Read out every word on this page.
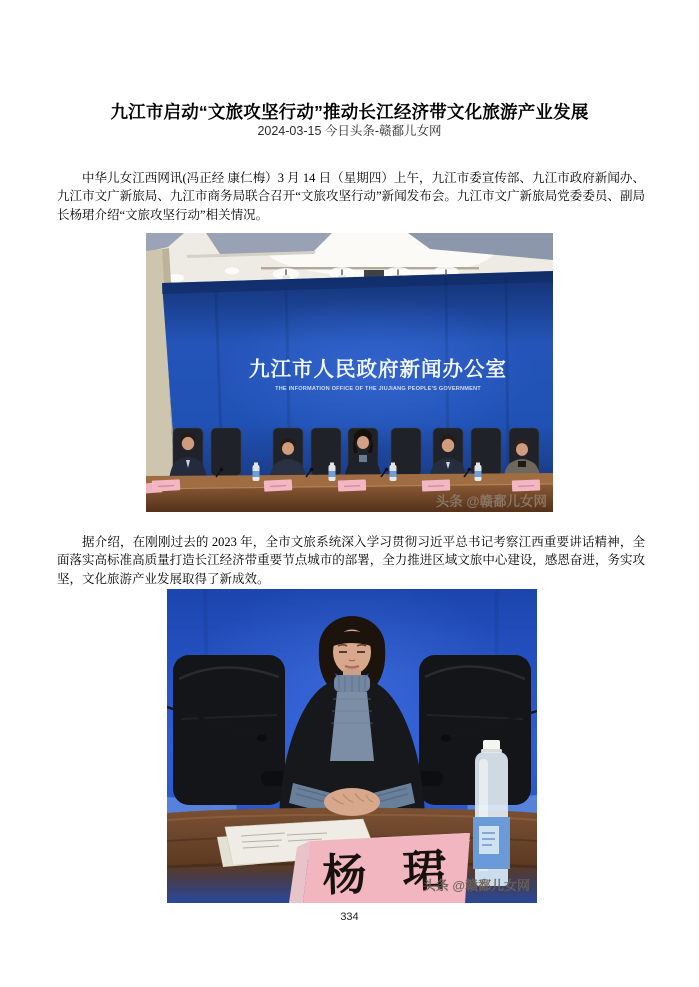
九江市启动“文旅攻坚行动”推动长江经济带文化旅游产业发展
2024-03-15 今日头条-赣鄱儿女网

中华儿女江西网讯(冯正经 康仁梅）3 月 14 日（星期四）上午，九江市委宣传部、九江市政府新闻办、九江市文广新旅局、九江市商务局联合召开“文旅攻坚行动”新闻发布会。九江市文广新旅局党委委员、副局长杨珺介绍“文旅攻坚行动”相关情况。

九江市人民政府新闻办公室
THE INFORMATION OFFICE OF THE JIUJIANG PEOPLE'S GOVERNMENT
头条 @赣鄱儿女网

据介绍，在刚刚过去的 2023 年，全市文旅系统深入学习贯彻习近平总书记考察江西重要讲话精神，全面落实高标准高质量打造长江经济带重要节点城市的部署，全力推进区域文旅中心建设，感恩奋进，务实攻坚，文化旅游产业发展取得了新成效。

杨 珺
头条 @赣鄱儿女网
334
